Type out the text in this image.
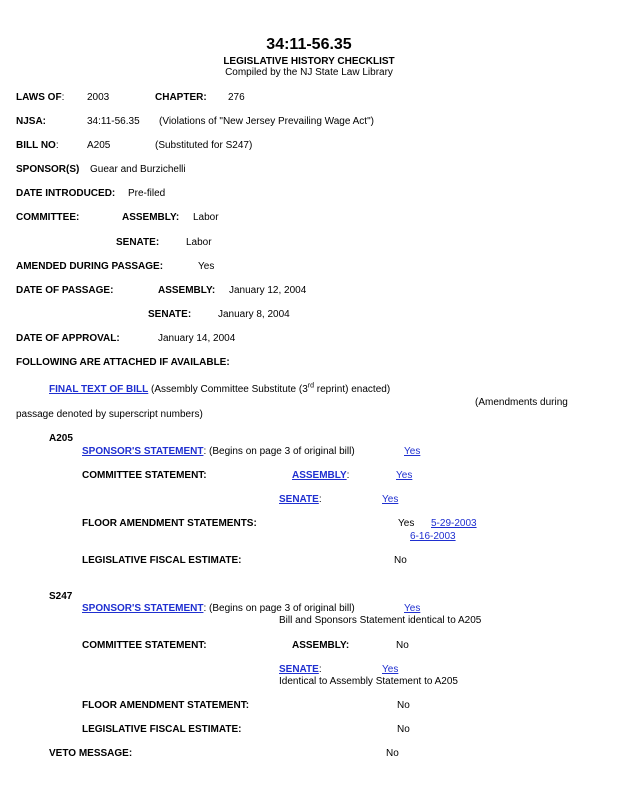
34:11-56.35
LEGISLATIVE HISTORY CHECKLIST
Compiled by the NJ State Law Library
LAWS OF: 2003	CHAPTER: 276
NJSA:	34:11-56.35 (Violations of "New Jersey Prevailing Wage Act")
BILL NO:	A205	(Substituted for S247)
SPONSOR(S) Guear and Burzichelli
DATE INTRODUCED: Pre-filed
COMMITTEE:	ASSEMBLY: Labor
SENATE:	Labor
AMENDED DURING PASSAGE:	Yes
DATE OF PASSAGE:	ASSEMBLY: January 12, 2004
SENATE:	January 8, 2004
DATE OF APPROVAL:	January 14, 2004
FOLLOWING ARE ATTACHED IF AVAILABLE:
FINAL TEXT OF BILL (Assembly Committee Substitute (3rd reprint) enacted)
(Amendments during
passage denoted by superscript numbers)
A205
SPONSOR'S STATEMENT: (Begins on page 3 of original bill)	Yes
COMMITTEE STATEMENT:	ASSEMBLY:	Yes
SENATE:	Yes
FLOOR AMENDMENT STATEMENTS:	Yes 5-29-2003
6-16-2003
LEGISLATIVE FISCAL ESTIMATE:	No
S247
SPONSOR'S STATEMENT: (Begins on page 3 of original bill)	Yes
Bill and Sponsors Statement identical to A205
COMMITTEE STATEMENT:	ASSEMBLY:	No
SENATE:	Yes
Identical to Assembly Statement to A205
FLOOR AMENDMENT STATEMENT:	No
LEGISLATIVE FISCAL ESTIMATE:	No
VETO MESSAGE:	No
